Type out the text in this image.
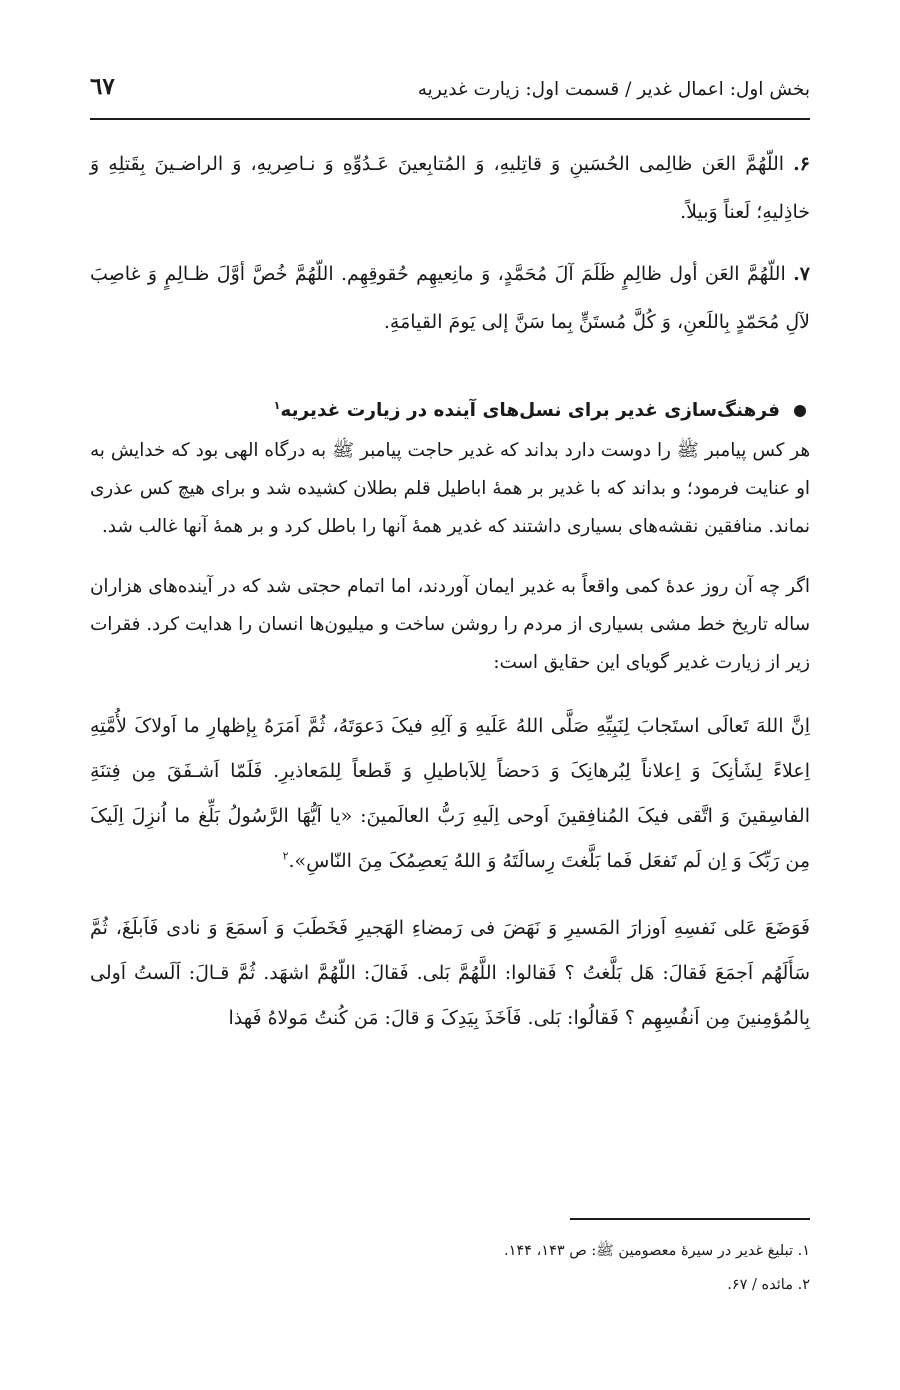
بخش اول: اعمال غدیر / قسمت اول: زیارت غدیریه
٦٧

۶. اللّهُمَّ العَن ظالِمی الحُسَینِ وَ قاتِلیهِ، وَ المُتابِعینَ عَـدُوِّهِ وَ نـاصِریهِ، وَ الراضـینَ بِقَتلِهِ وَ خاذِلیهِ؛ لَعناً وَبیلاً.

۷. اللّهُمَّ العَن أول ظالِمٍ ظَلَمَ آلَ مُحَمَّدٍ، وَ مانِعیهِم حُقوقِهِم. اللّهُمَّ خُصَّ أوَّلَ ظـالِمٍ وَ غاصِبَ لآلِ مُحَمّدٍ بِاللَعنِ، وَ کُلَّ مُستَنٍّ بِما سَنَّ إلی یَومَ القیامَةِ.

فرهنگ‌سازی غدیر برای نسل‌های آینده در زیارت غدیریه$^١$

هر کس پیامبر ﷺ را دوست دارد بداند که غدیر حاجت پیامبر ﷺ به درگاه الهی بود که خدایش به او عنایت فرمود؛ و بداند که با غدیر بر همهٔ اباطیل قلم بطلان کشیده شد و برای هیچ کس عذری نماند. منافقین نقشه‌های بسیاری داشتند که غدیر همهٔ آنها را باطل کرد و بر همهٔ آنها غالب شد.

اگر چه آن روز عدهٔ کمی واقعاً به غدیر ایمان آوردند، اما اتمام حجتی شد که در آینده‌های هزاران ساله تاریخ خط مشی بسیاری از مردم را روشن ساخت و میلیون‌ها انسان را هدایت کرد. فقرات زیر از زیارت غدیر گویای این حقایق است:

اِنَّ اللهَ تَعالَی استَجابَ لِنَبِیِّهِ صَلَّی اللهُ عَلَیهِ وَ آلِهِ فیکَ دَعوَتَهُ، ثُمَّ اَمَرَهُ بِإظهارِ ما اَولاکَ لأُمَّتِهِ اِعلاءً لِشَأنِکَ وَ اِعلاناً لِبُرهانِکَ وَ دَحضاً لِلاَباطیلِ وَ قَطعاً لِلمَعاذیرِ. فَلَمّا اَشـفَقَ مِن فِتنَةِ الفاسِقینَ وَ اتَّقی فیکَ المُنافِقینَ اَوحی اِلَیهِ رَبُّ العالَمینَ: «یا اَیُّهَا الرَّسُولُ بَلِّغ ما اُنزِلَ اِلَیکَ مِن رَبِّکَ وَ اِن لَم تَفعَل فَما بَلَّغتَ رِسالَتَهُ وَ اللهُ یَعصِمُکَ مِنَ النّاسِ».$^٢$

فَوَضَعَ عَلی نَفسِهِ اَوزارَ المَسیرِ وَ نَهَضَ فی رَمضاءِ الهَجیرِ فَخَطَبَ وَ اَسمَعَ وَ نادی فَاَبلَغَ، ثُمَّ سَأَلَهُم اَجمَعَ فَقالَ: هَل بَلَّغتُ ؟ فَقالوا: اللَّهُمَّ بَلی. فَقالَ: اللّهُمَّ اشهَد. ثُمَّ قـالَ: اَلَستُ اَولی بِالمُؤمِنینَ مِن اَنفُسِهِم ؟ فَقالُوا: بَلی. فَاَخَذَ بِیَدِکَ وَ قالَ: مَن کُنتُ مَولاهُ فَهذا

١. تبلیغ غدیر در سیرهٔ معصومین ﷺ: ص ١۴٣، ١۴۴.
٢. مائده / ۶٧.
